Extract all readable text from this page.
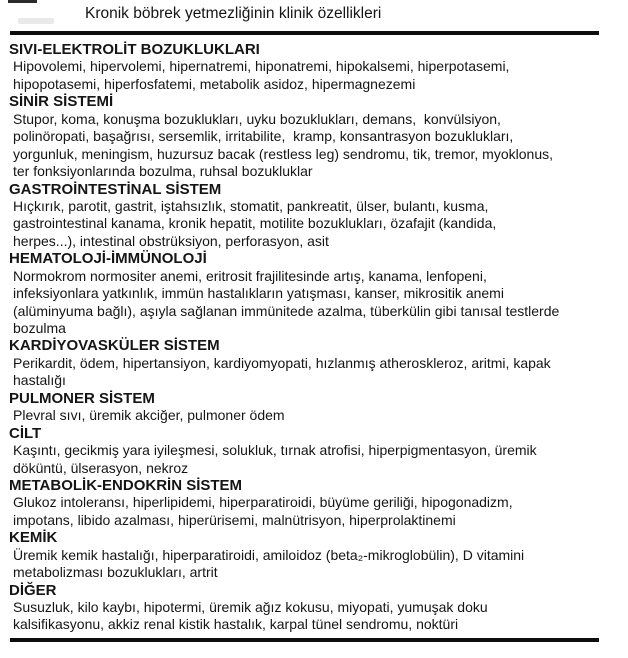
Kronik böbrek yetmezliğinin klinik özellikleri
SIVI-ELEKTROLİT BOZUKLUKLARI
Hipovolemi, hipervolemi, hipernatremi, hiponatremi, hipokalsemi, hiperpotasemi,
hipopotasemi, hiperfosfatemi, metabolik asidoz, hipermagnezemi
SİNİR SİSTEMİ
Stupor, koma, konuşma bozuklukları, uyku bozuklukları, demans,  konvülsiyon,
polinöropati, başağrısı, sersemlik, irritabilite,  kramp, konsantrasyon bozuklukları,
yorgunluk, meningism, huzursuz bacak (restless leg) sendromu, tik, tremor, myoklonus,
ter fonksiyonlarında bozulma, ruhsal bozukluklar
GASTROİNTESTİNAL SİSTEM
Hıçkırık, parotit, gastrit, iştahsızlık, stomatit, pankreatit, ülser, bulantı, kusma,
gastrointestinal kanama, kronik hepatit, motilite bozuklukları, özafajit (kandida,
herpes...), intestinal obstrüksiyon, perforasyon, asit
HEMATOLOJİ-İMMÜNOLOJİ
Normokrom normositer anemi, eritrosit frajilitesinde artış, kanama, lenfopeni,
infeksiyonlara yatkınlık, immün hastalıkların yatışması, kanser, mikrositik anemi
(alüminyuma bağlı), aşıyla sağlanan immünitede azalma, tüberkülin gibi tanısal testlerde
bozulma
KARDİYOVASKÜLER SİSTEM
Perikardit, ödem, hipertansiyon, kardiyomyopati, hızlanmış atheroskleroz, aritmi, kapak
hastalığı
PULMONER SİSTEM
Plevral sıvı, üremik akciğer, pulmoner ödem
CİLT
Kaşıntı, gecikmiş yara iyileşmesi, solukluk, tırnak atrofisi, hiperpigmentasyon, üremik
döküntü, ülserasyon, nekroz
METABOLİK-ENDOKRİN SİSTEM
Glukoz intoleransı, hiperlipidemi, hiperparatiroidi, büyüme geriliği, hipogonadizm,
impotans, libido azalması, hiperürisemi, malnütrisyon, hiperprolaktinemi
KEMİK
Üremik kemik hastalığı, hiperparatiroidi, amiloidoz (beta₂-mikroglobülin), D vitamini
metabolizması bozuklukları, artrit
DİĞER
Susuzluk, kilo kaybı, hipotermi, üremik ağız kokusu, miyopati, yumuşak doku
kalsifikasyonu, akkiz renal kistik hastalık, karpal tünel sendromu, noktüri
